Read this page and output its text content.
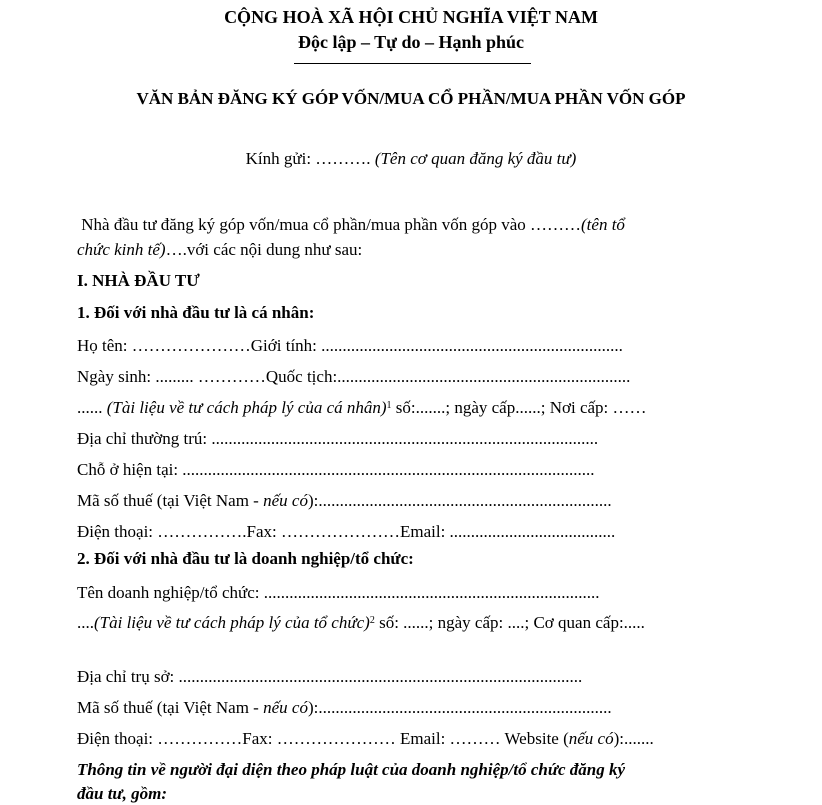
CỘNG HOÀ XÃ HỘI CHỦ NGHĨA VIỆT NAM
Độc lập – Tự do – Hạnh phúc
VĂN BẢN ĐĂNG KÝ GÓP VỐN/MUA CỔ PHẦN/MUA PHẦN VỐN GÓP
Kính gửi: ………. (Tên cơ quan đăng ký đầu tư)
Nhà đầu tư đăng ký góp vốn/mua cổ phần/mua phần vốn góp vào ………(tên tổ
chức kinh tế)….với các nội dung như sau:
I. NHÀ ĐẦU TƯ
1. Đối với nhà đầu tư là cá nhân:
Họ tên: …………………Giới tính: .......................................................................
Ngày sinh: ......... …………Quốc tịch:.....................................................................
...... (Tài liệu về tư cách pháp lý của cá nhân)$^1$ số:.......; ngày cấp......; Nơi cấp: ……
Địa chỉ thường trú: ...........................................................................................
Chỗ ở hiện tại: .................................................................................................
Mã số thuế (tại Việt Nam - nếu có):.....................................................................
Điện thoại: …………….Fax: …………………Email: .......................................
2. Đối với nhà đầu tư là doanh nghiệp/tổ chức:
Tên doanh nghiệp/tổ chức: ...............................................................................
....(Tài liệu về tư cách pháp lý của tổ chức)$^2$ số: ......; ngày cấp: ....; Cơ quan cấp:.....
Địa chỉ trụ sở: ...............................................................................................
Mã số thuế (tại Việt Nam - nếu có):.....................................................................
Điện thoại: ……………Fax: ………………… Email: ……… Website (nếu có):.......
Thông tin về người đại diện theo pháp luật của doanh nghiệp/tổ chức đăng ký
đầu tư, gồm:
